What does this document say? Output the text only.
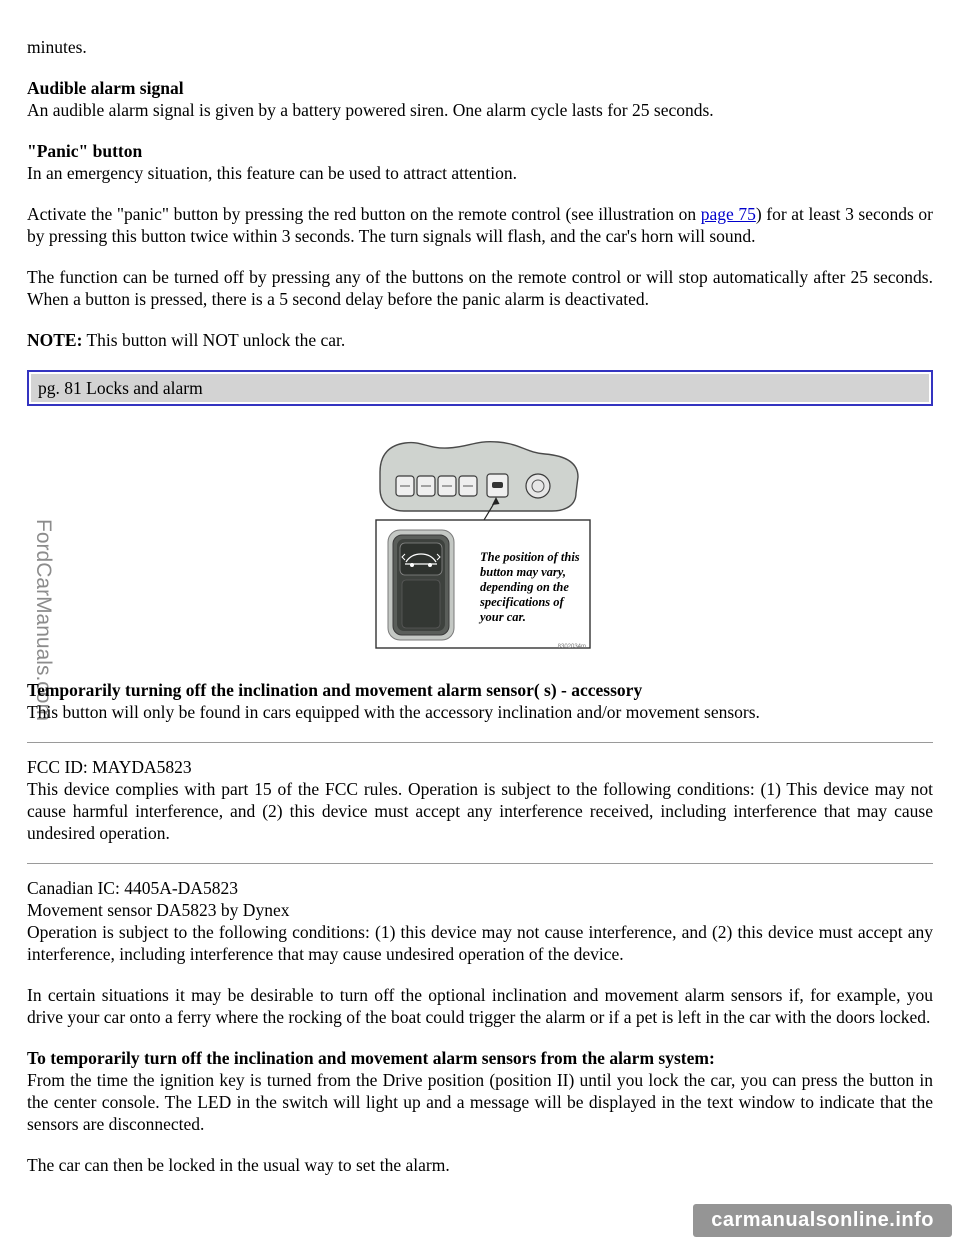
FordCarManuals.com

minutes.

Audible alarm signal
An audible alarm signal is given by a battery powered siren. One alarm cycle lasts for 25 seconds.

"Panic" button
In an emergency situation, this feature can be used to attract attention.

Activate the "panic" button by pressing the red button on the remote control (see illustration on page 75) for at least 3 seconds or by pressing this button twice within 3 seconds. The turn signals will flash, and the car's horn will sound.

The function can be turned off by pressing any of the buttons on the remote control or will stop automatically after 25 seconds. When a button is pressed, there is a 5 second delay before the panic alarm is deactivated.

NOTE: This button will NOT unlock the car.

pg. 81 Locks and alarm
The position of this button may vary, depending on the specifications of your car.
8302034m

Temporarily turning off the inclination and movement alarm sensor( s) - accessory
This button will only be found in cars equipped with the accessory inclination and/or movement sensors.

FCC ID: MAYDA5823
This device complies with part 15 of the FCC rules. Operation is subject to the following conditions: (1) This device may not cause harmful interference, and (2) this device must accept any interference received, including interference that may cause undesired operation.

Canadian IC: 4405A-DA5823
Movement sensor DA5823 by Dynex
Operation is subject to the following conditions: (1) this device may not cause interference, and (2) this device must accept any interference, including interference that may cause undesired operation of the device.

In certain situations it may be desirable to turn off the optional inclination and movement alarm sensors if, for example, you drive your car onto a ferry where the rocking of the boat could trigger the alarm or if a pet is left in the car with the doors locked.

To temporarily turn off the inclination and movement alarm sensors from the alarm system:
From the time the ignition key is turned from the Drive position (position II) until you lock the car, you can press the button in the center console. The LED in the switch will light up and a message will be displayed in the text window to indicate that the sensors are disconnected.

The car can then be locked in the usual way to set the alarm.

carmanualsonline.info
